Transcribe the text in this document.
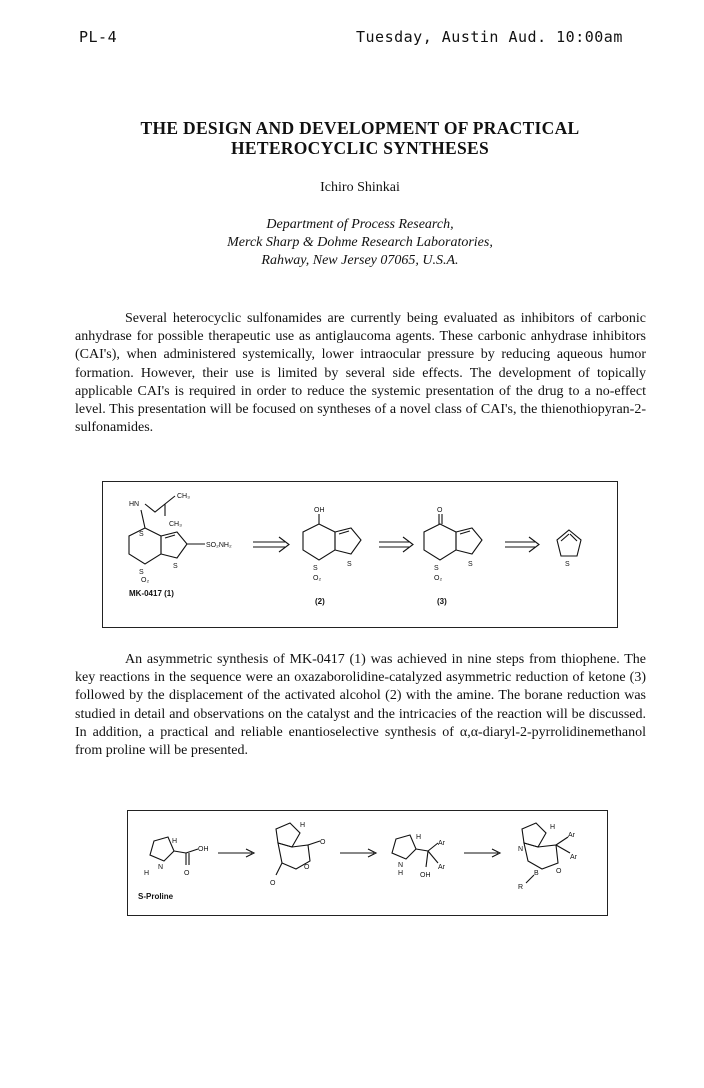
PL-4	Tuesday, Austin Aud. 10:00am
THE DESIGN AND DEVELOPMENT OF PRACTICAL
HETEROCYCLIC SYNTHESES
Ichiro Shinkai
Department of Process Research,
Merck Sharp & Dohme Research Laboratories,
Rahway, New Jersey 07065, U.S.A.

Several heterocyclic sulfonamides are currently being evaluated as inhibitors of carbonic anhydrase for possible therapeutic use as antiglaucoma agents. These carbonic anhydrase inhibitors (CAI's), when administered systemically, lower intraocular pressure by reducing aqueous humor formation. However, their use is limited by several side effects. The development of topically applicable CAI's is required in order to reduce the systemic presentation of the drug to a no-effect level. This presentation will be focused on syntheses of a novel class of CAI's, the thienothiopyran-2-sulfonamides.

HN
CH₃
CH₃
S
S
SO₂NH₂
S
O₂
MK-0417 (1)
OH
S
S
O₂
(2)
O
S
S
O₂
(3)
S

An asymmetric synthesis of MK-0417 (1) was achieved in nine steps from thiophene. The key reactions in the sequence were an oxazaborolidine-catalyzed asymmetric reduction of ketone (3) followed by the displacement of the activated alcohol (2) with the amine. The borane reduction was studied in detail and observations on the catalyst and the intricacies of the reaction will be discussed. In addition, a practical and reliable enantioselective synthesis of α,α-diaryl-2-pyrrolidinemethanol from proline will be presented.

H
N
H	O
OH
S-Proline
H
O
O
O
H
N
H
Ar
Ar
OH
H
Ar
Ar
N
B O
R
